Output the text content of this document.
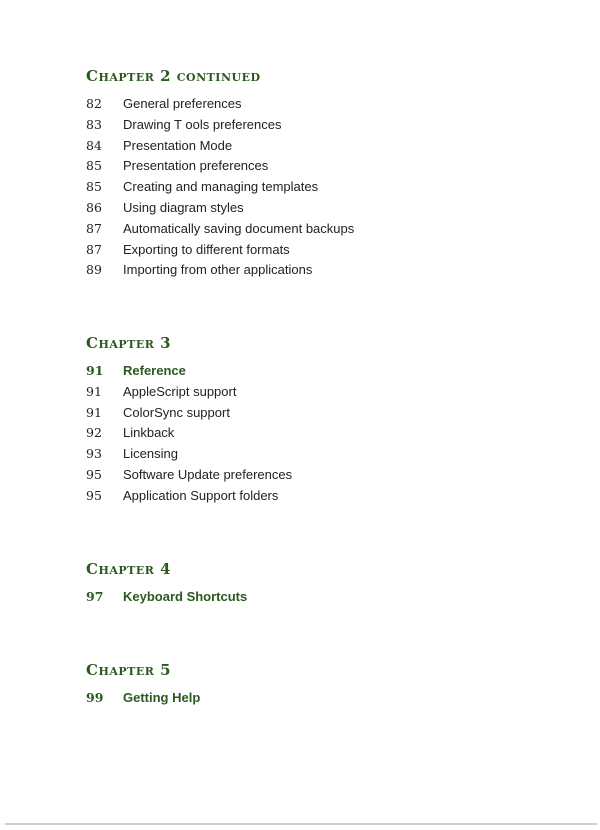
Chapter 2 continued
82	General preferences
83	Drawing T ools preferences
84	Presentation Mode
85	Presentation preferences
85	Creating and managing templates
86	Using diagram styles
87	Automatically saving document backups
87	Exporting to different formats
89	Importing from other applications
Chapter 3
91	Reference
91	AppleScript support
91	ColorSync support
92	Linkback
93	Licensing
95	Software Update preferences
95	Application Support folders
Chapter 4
97	Keyboard Shortcuts
Chapter 5
99	Getting Help
